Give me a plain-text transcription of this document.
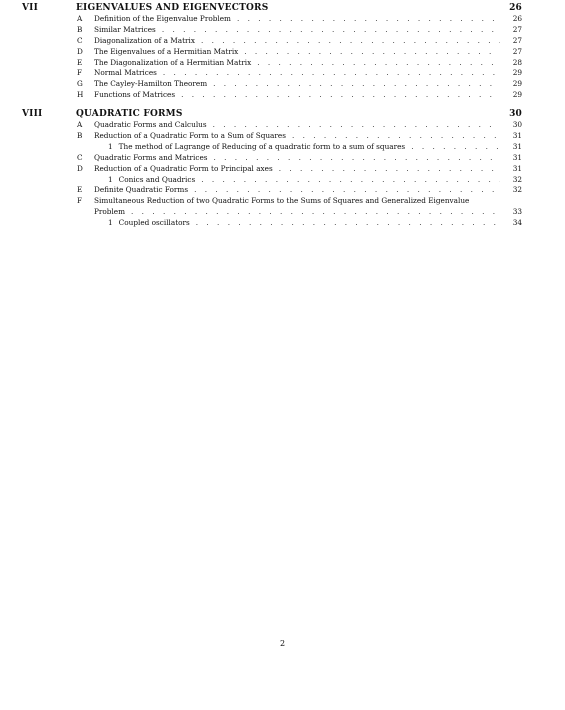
VII	EIGENVALUES AND EIGENVECTORS	26
A Definition of the Eigenvalue Problem . . .	26
B Similar Matrices . . .	27
C Diagonalization of a Matrix . . .	27
D The Eigenvalues of a Hermitian Matrix . . .	27
E The Diagonalization of a Hermitian Matrix . . .	28
F Normal Matrices . . .	29
G The Cayley-Hamilton Theorem . . .	29
H Functions of Matrices . . .	29
VIII	QUADRATIC FORMS	30
A Quadratic Forms and Calculus . . .	30
B Reduction of a Quadratic Form to a Sum of Squares . . .	31
1 The method of Lagrange of Reducing of a quadratic form to a sum of squares . . .	31
C Quadratic Forms and Matrices . . .	31
D Reduction of a Quadratic Form to Principal axes . . .	31
1 Conics and Quadrics . . .	32
E Definite Quadratic Forms . . .	32
F Simultaneous Reduction of two Quadratic Forms to the Sums of Squares and Generalized Eigenvalue
Problem . . .	33
1 Coupled oscillators . . .	34
2
